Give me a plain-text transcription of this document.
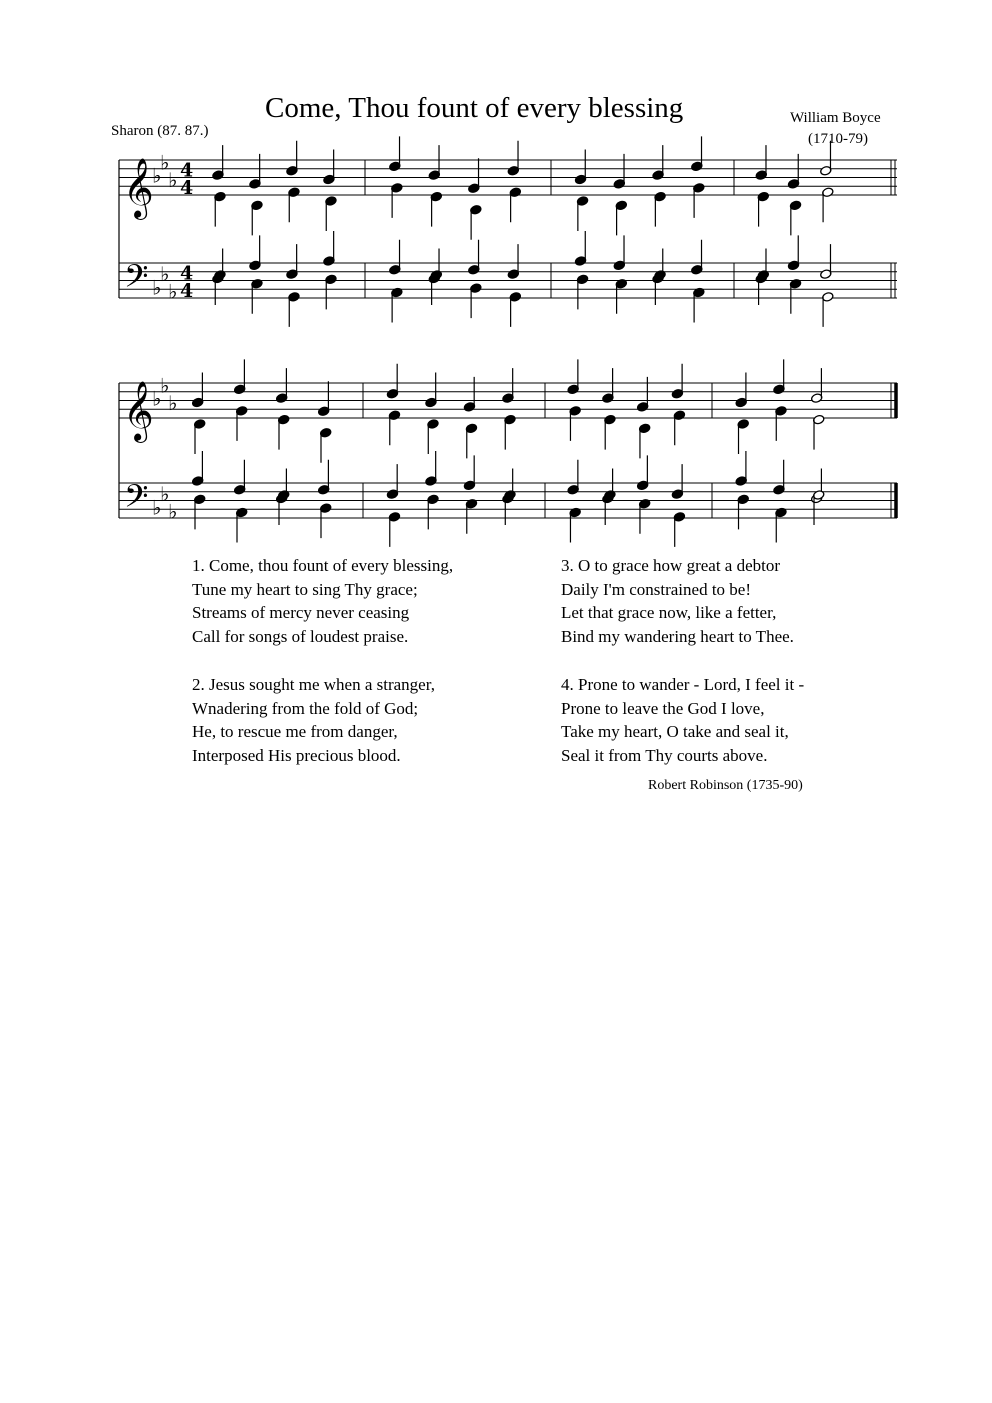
Come, Thou fount of every blessing
Sharon (87. 87.)
William Boyce
(1710-79)
𝄞
𝄢
♭
♭
♭
♭
♭
♭
4
4
4
4
𝄞
𝄢
♭
♭
♭
♭
♭
♭
1. Come, thou fount of every blessing,
Tune my heart to sing Thy grace;
Streams of mercy never ceasing
Call for songs of loudest praise.
2. Jesus sought me when a stranger,
Wnadering from the fold of God;
He, to rescue me from danger,
Interposed His precious blood.
3. O to grace how great a debtor
Daily I'm constrained to be!
Let that grace now, like a fetter,
Bind my wandering heart to Thee.
4. Prone to wander - Lord, I feel it -
Prone to leave the God I love,
Take my heart, O take and seal it,
Seal it from Thy courts above.
Robert Robinson (1735-90)
